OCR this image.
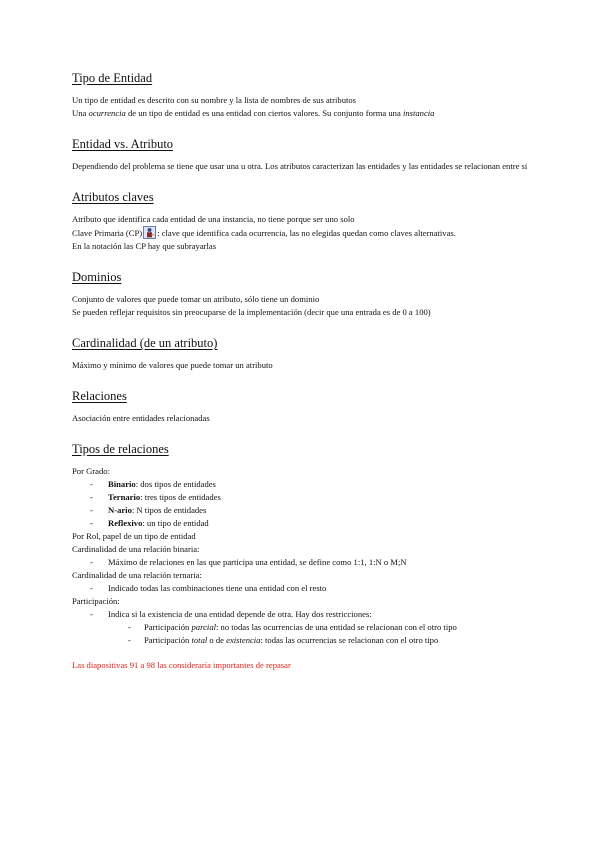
Tipo de Entidad

Un tipo de entidad es descrito con su nombre y la lista de nombres de sus atributos

Una ocurrencia de un tipo de entidad es una entidad con ciertos valores. Su conjunto forma una instancia

Entidad vs. Atributo

Dependiendo del problema se tiene que usar una u otra. Los atributos caracterizan las entidades y las entidades se relacionan entre si

Atributos claves

Atributo que identifica cada entidad de una instancia, no tiene porque ser uno solo

Clave Primaria (CP) : clave que identifica cada ocurrencia, las no elegidas quedan como claves alternativas.

En la notación las CP hay que subrayarlas

Dominios

Conjunto de valores que puede tomar un atributo, sólo tiene un dominio

Se pueden reflejar requisitos sin preocuparse de la implementación (decir que una entrada es de 0 a 100)

Cardinalidad (de un atributo)

Máximo y mínimo de valores que puede tomar un atributo

Relaciones

Asociación entre entidades relacionadas

Tipos de relaciones

Por Grado:

- Binario: dos tipos de entidades
- Ternario: tres tipos de entidades
- N-ario: N tipos de entidades
- Reflexivo: un tipo de entidad

Por Rol, papel de un tipo de entidad

Cardinalidad de una relación binaria:

- Máximo de relaciones en las que participa una entidad, se define como 1:1, 1:N o M;N

Cardinalidad de una relación ternaria:

- Indicado todas las combinaciones tiene una entidad con el resto

Participación:

- Indica si la existencia de una entidad depende de otra. Hay dos restricciones:
- Participación parcial: no todas las ocurrencias de una entidad se relacionan con el otro tipo
- Participación total o de existencia: todas las ocurrencias se relacionan con el otro tipo

Las diapositivas 91 a 98 las consideraría importantes de repasar
